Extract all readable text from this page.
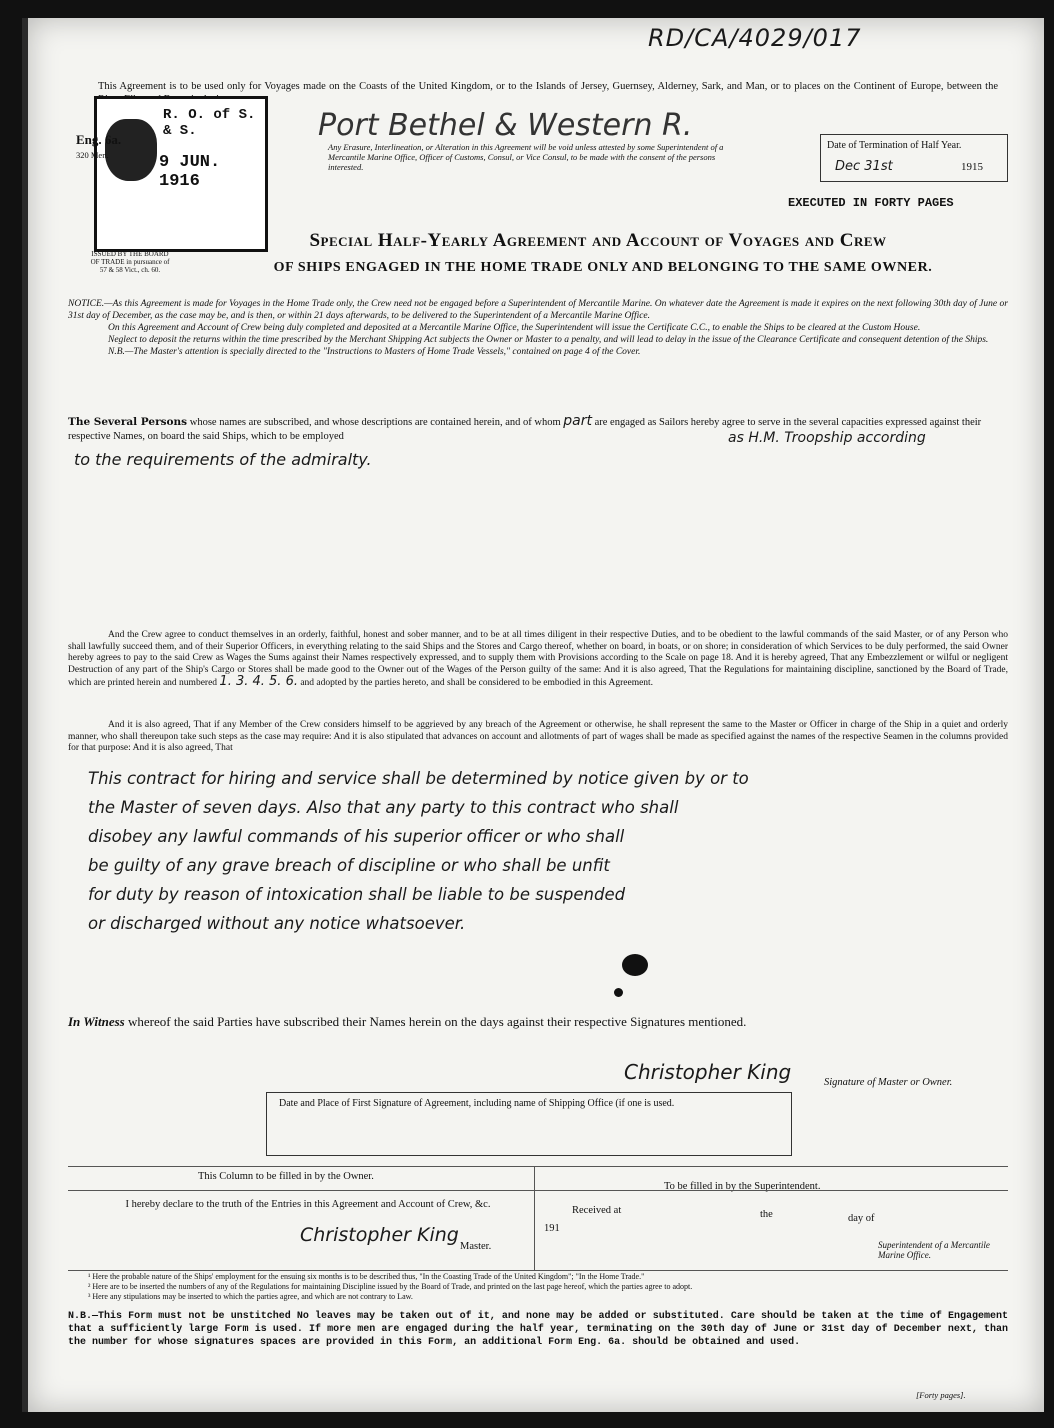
RD/CA/4029/017
This Agreement is to be used only for Voyages made on the Coasts of the United Kingdom, or to the Islands of Jersey, Guernsey, Alderney, Sark, and Man, or to places on the Continent of Europe, between the
R. O. of S. & S.
9 JUN. 1916
Eng. 6a.
320 Men.
Port Bethel & Western R.
Any Erasure, Interlineation, or Alteration in this Agreement will be void unless attested by some Superintendent of a Mercantile Marine Office, Officer of Customs, Consul, or Vice Consul, to be made with the consent of the persons interested.
Date of Termination of Half Year.
Dec 31st	1915
EXECUTED IN FORTY PAGES
ISSUED BY THE BOARD OF TRADE in pursuance of 57 & 58 Vict., ch. 60.
Special Half-Yearly Agreement and Account of Voyages and Crew
OF SHIPS ENGAGED IN THE HOME TRADE ONLY AND BELONGING TO THE SAME OWNER.

NOTICE.—As this Agreement is made for Voyages in the Home Trade only, the Crew need not be engaged before a Superintendent of Mercantile Marine. On whatever date the Agreement is made it expires on the next following 30th day of June or 31st day of December, as the case may be, and is then, or within 21 days afterwards, to be delivered to the Superintendent of a Mercantile Marine Office.

On this Agreement and Account of Crew being duly completed and deposited at a Mercantile Marine Office, the Superintendent will issue the Certificate C.C., to enable the Ships to be cleared at the Custom House.

Neglect to deposit the returns within the time prescribed by the Merchant Shipping Act subjects the Owner or Master to a penalty, and will lead to delay in the issue of the Clearance Certificate and consequent detention of the Ships.

N.B.—The Master's attention is specially directed to the "Instructions to Masters of Home Trade Vessels," contained on page 4 of the Cover.

The Several Persons whose names are subscribed, and whose descriptions are contained herein, and of whom part are engaged as Sailors hereby agree to serve in the several capacities expressed against their respective Names, on board the said Ships, which to be employed	as H.M. Troopship according
to the requirements of the admiralty.
And the Crew agree to conduct themselves in an orderly, faithful, honest and sober manner, and to be at all times diligent in their respective Duties, and to be obedient to the lawful commands of the said Master, or of any Person who shall lawfully succeed them, and of their Superior Officers, in everything relating to the said Ships and the Stores and Cargo thereof, whether on board, in boats, or on shore; in consideration of which Services to be duly performed, the said Owner hereby agrees to pay to the said Crew as Wages the Sums against their Names respectively expressed, and to supply them with Provisions according to the Scale on page 18. And it is hereby agreed, That any Embezzlement or wilful or negligent Destruction of any part of the Ship's Cargo or Stores shall be made good to the Owner out of the Wages of the Person guilty of the same: And it is also agreed, That the Regulations for maintaining discipline, sanctioned by the Board of Trade, which are printed herein and numbered 1. 3. 4. 5. 6. and adopted by the parties hereto, and shall be considered to be embodied in this Agreement.
And it is also agreed, That if any Member of the Crew considers himself to be aggrieved by any breach of the Agreement or otherwise, he shall represent the same to the Master or Officer in charge of the Ship in a quiet and orderly manner, who shall thereupon take such steps as the case may require: And it is also stipulated that advances on account and allotments of part of wages shall be made as specified against the names of the respective Seamen in the columns provided for that purpose: And it is also agreed, That
This contract for hiring and service shall be determined by notice given by or to
the Master of seven days. Also that any party to this contract who shall
disobey any lawful commands of his superior officer or who shall
be guilty of any grave breach of discipline or who shall be unfit
for duty by reason of intoxication shall be liable to be suspended
or discharged without any notice whatsoever.
In Witness whereof the said Parties have subscribed their Names herein on the days against their respective Signatures mentioned.
Christopher King	Signature of Master or Owner.
Date and Place of First Signature of Agreement, including name of Shipping Office (if one is used.
This Column to be filled in by the Owner.
To be filled in by the Superintendent.
I hereby declare to the truth of the Entries in this Agreement and Account of Crew, &c.
Christopher King
Master.
Received at
191
the	day of
Superintendent of a Mercantile Marine Office.
¹ Here the probable nature of the Ships' employment for the ensuing six months is to be described thus, "In the Coasting Trade of the United Kingdom"; "In the Home Trade."
² Here are to be inserted the numbers of any of the Regulations for maintaining Discipline issued by the Board of Trade, and printed on the last page hereof, which the parties agree to adopt.
³ Here any stipulations may be inserted to which the parties agree, and which are not contrary to Law.
N.B.—This Form must not be unstitched No leaves may be taken out of it, and none may be added or substituted. Care should be taken at the time of Engagement that a sufficiently large Form is used. If more men are engaged during the half year, terminating on the 30th day of June or 31st day of December next, than the number for whose signatures spaces are provided in this Form, an additional Form Eng. 6a. should be obtained and used.
[Forty pages].
